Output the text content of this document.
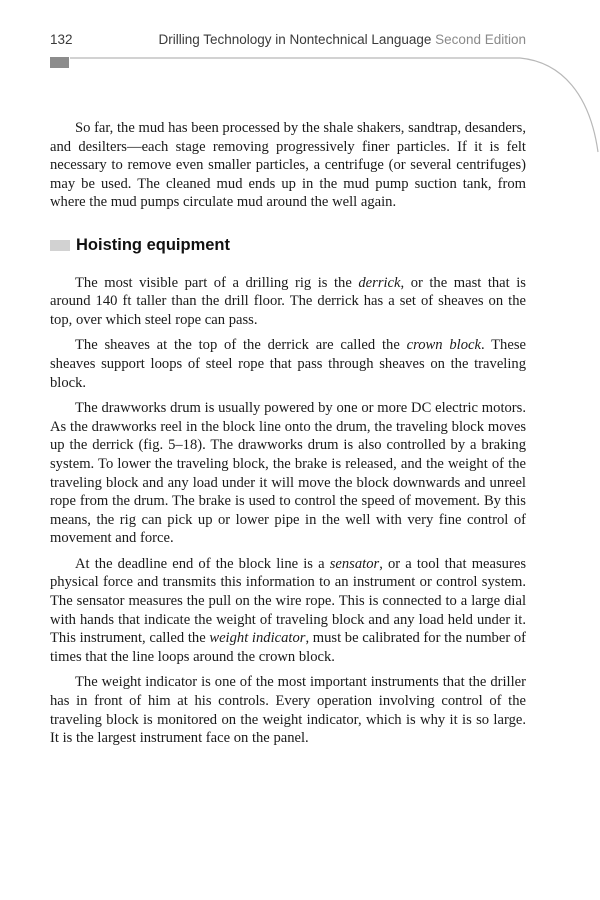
132	Drilling Technology in Nontechnical Language Second Edition

So far, the mud has been processed by the shale shakers, sandtrap, desanders, and desilters—each stage removing progressively finer particles. If it is felt necessary to remove even smaller particles, a centrifuge (or several centrifuges) may be used. The cleaned mud ends up in the mud pump suction tank, from where the mud pumps circulate mud around the well again.

Hoisting equipment

The most visible part of a drilling rig is the derrick, or the mast that is around 140 ft taller than the drill floor. The derrick has a set of sheaves on the top, over which steel rope can pass.

The sheaves at the top of the derrick are called the crown block. These sheaves support loops of steel rope that pass through sheaves on the traveling block.

The drawworks drum is usually powered by one or more DC electric motors. As the drawworks reel in the block line onto the drum, the traveling block moves up the derrick (fig. 5–18). The drawworks drum is also controlled by a braking system. To lower the traveling block, the brake is released, and the weight of the traveling block and any load under it will move the block downwards and unreel rope from the drum. The brake is used to control the speed of movement. By this means, the rig can pick up or lower pipe in the well with very fine control of movement and force.

At the deadline end of the block line is a sensator, or a tool that measures physical force and transmits this information to an instrument or control system. The sensator measures the pull on the wire rope. This is connected to a large dial with hands that indicate the weight of traveling block and any load held under it. This instrument, called the weight indicator, must be calibrated for the number of times that the line loops around the crown block.

The weight indicator is one of the most important instruments that the driller has in front of him at his controls. Every operation involving control of the traveling block is monitored on the weight indicator, which is why it is so large. It is the largest instrument face on the panel.
